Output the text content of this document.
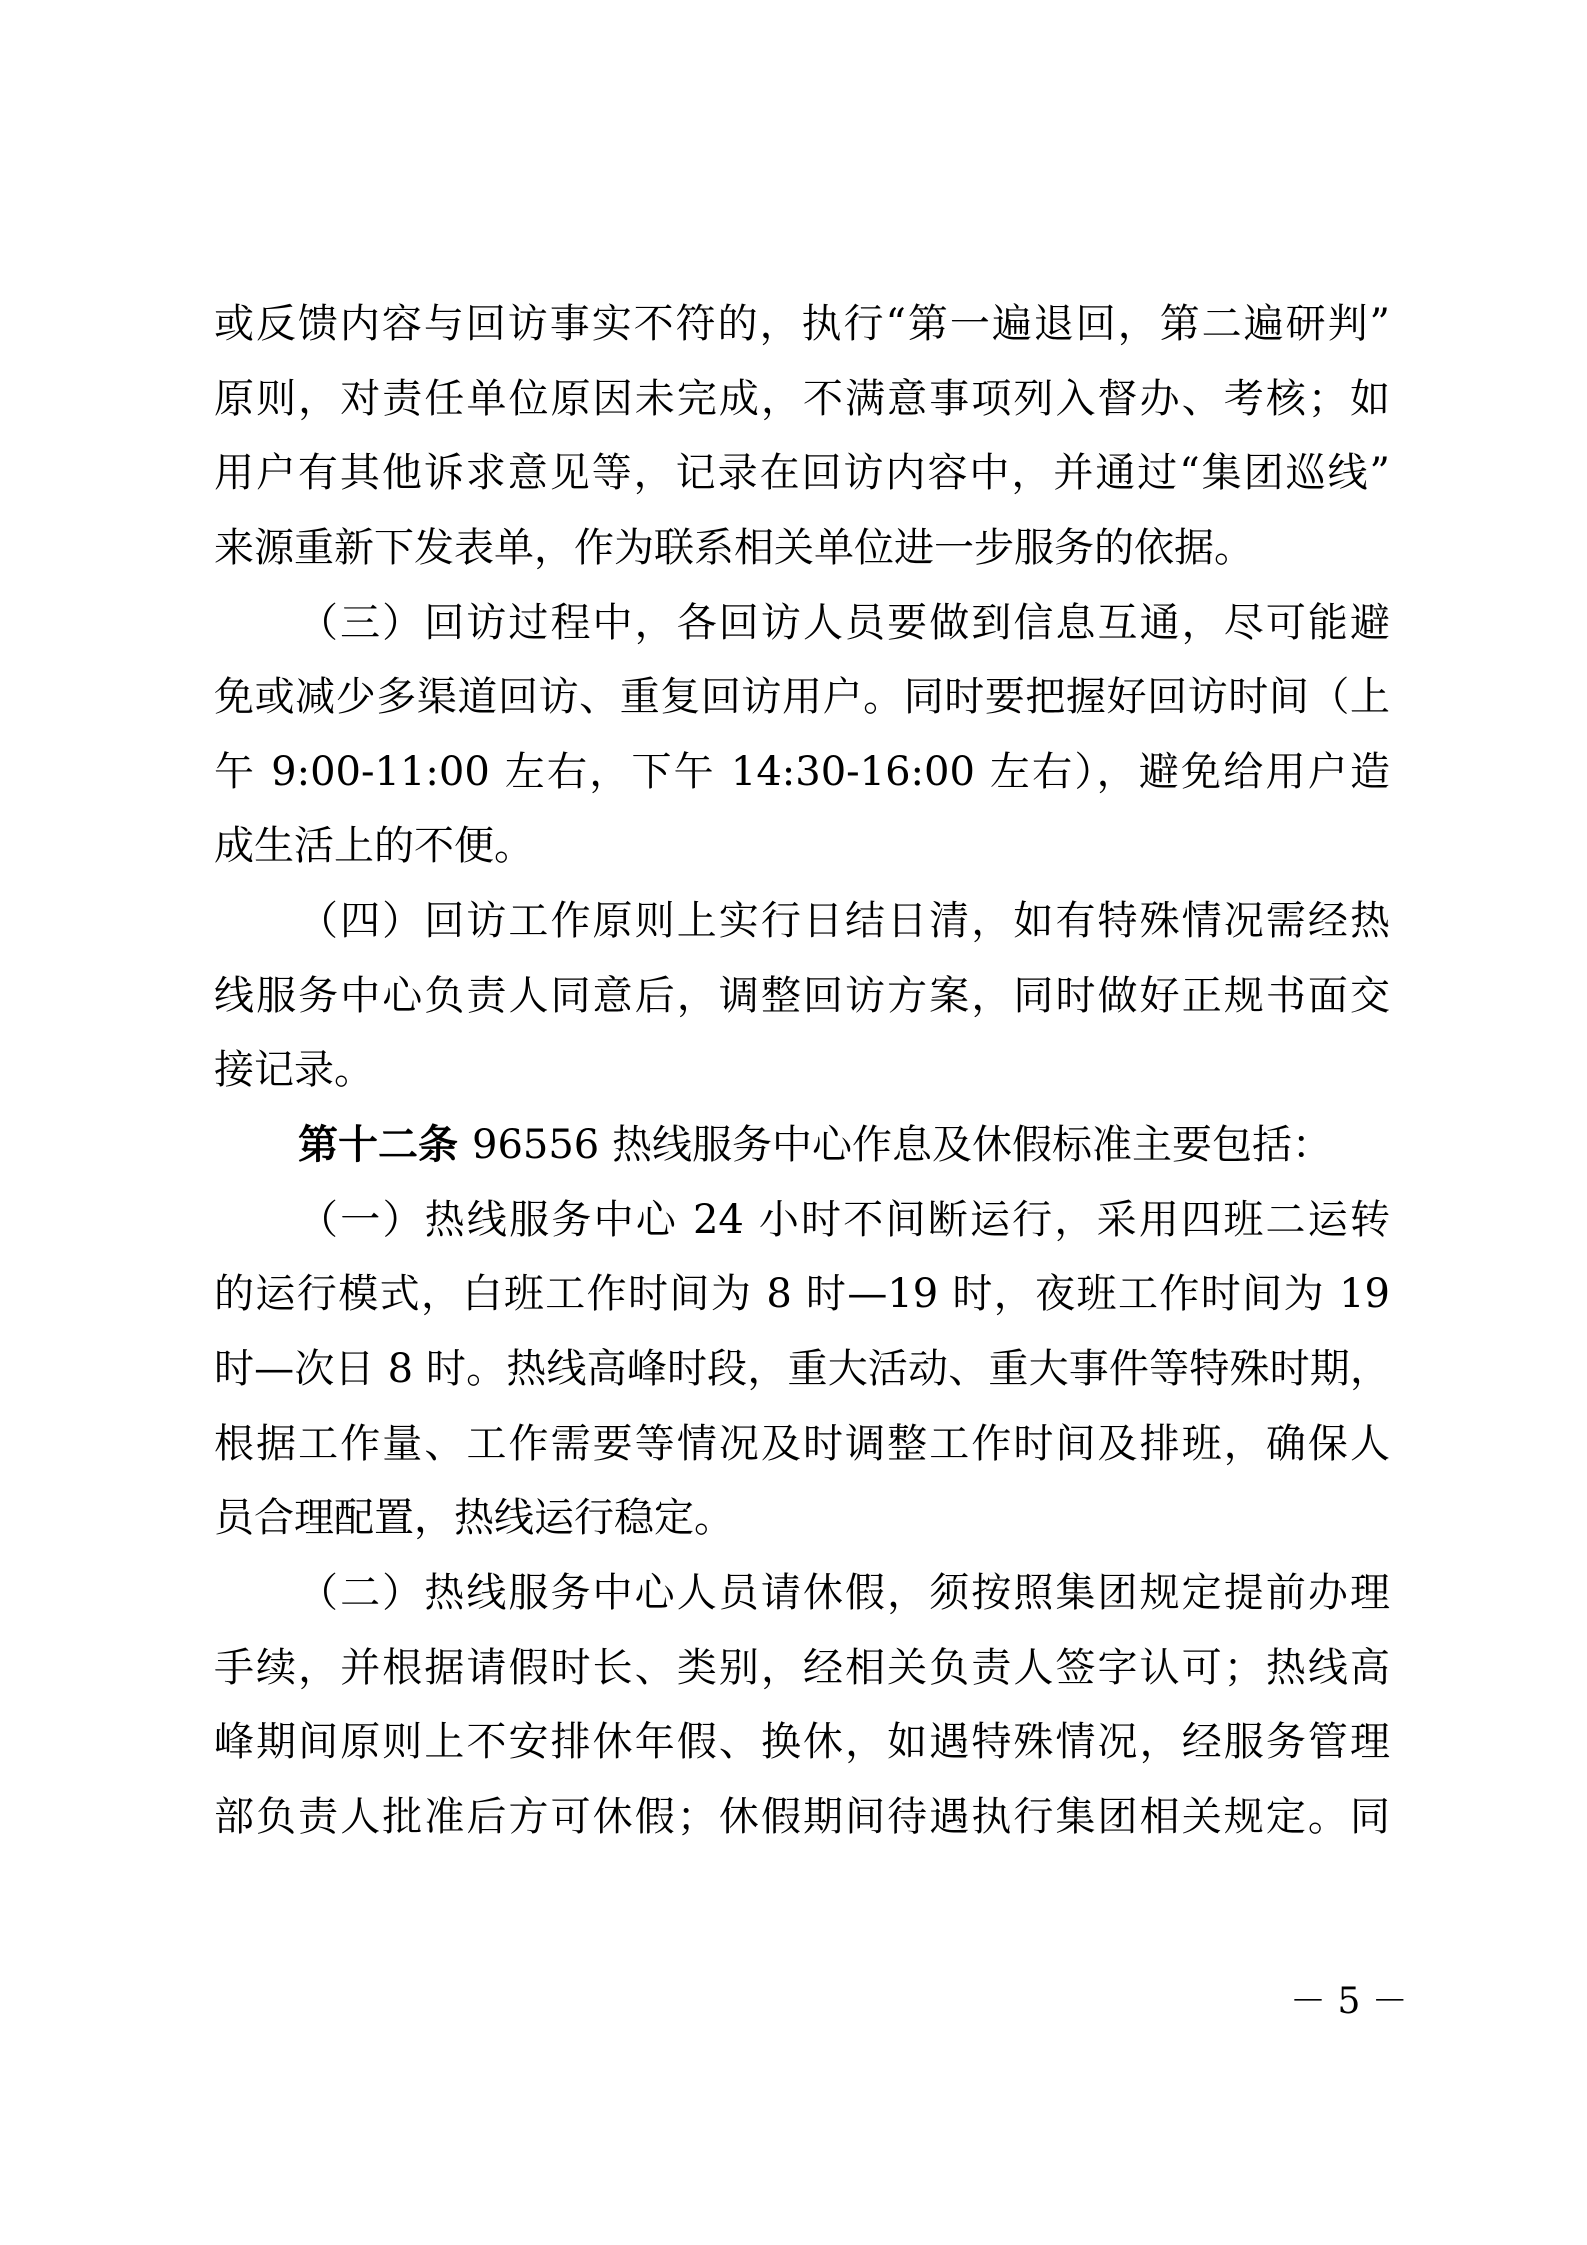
或反馈内容与回访事实不符的，执行“第一遍退回，第二遍研判”
原则，对责任单位原因未完成，不满意事项列入督办、考核；如
用户有其他诉求意见等，记录在回访内容中，并通过“集团巡线”
来源重新下发表单，作为联系相关单位进一步服务的依据。
（三）回访过程中，各回访人员要做到信息互通，尽可能避
免或减少多渠道回访、重复回访用户。同时要把握好回访时间（上
午 9:00-11:00 左右，下午 14:30-16:00 左右），避免给用户造
成生活上的不便。
（四）回访工作原则上实行日结日清，如有特殊情况需经热
线服务中心负责人同意后，调整回访方案，同时做好正规书面交
接记录。
第十二条 96556 热线服务中心作息及休假标准主要包括：
（一）热线服务中心 24 小时不间断运行，采用四班二运转
的运行模式，白班工作时间为 8 时—19 时，夜班工作时间为 19
时—次日 8 时。热线高峰时段，重大活动、重大事件等特殊时期，
根据工作量、工作需要等情况及时调整工作时间及排班，确保人
员合理配置，热线运行稳定。
（二）热线服务中心人员请休假，须按照集团规定提前办理
手续，并根据请假时长、类别，经相关负责人签字认可；热线高
峰期间原则上不安排休年假、换休，如遇特殊情况，经服务管理
部负责人批准后方可休假；休假期间待遇执行集团相关规定。同
－ 5 －
